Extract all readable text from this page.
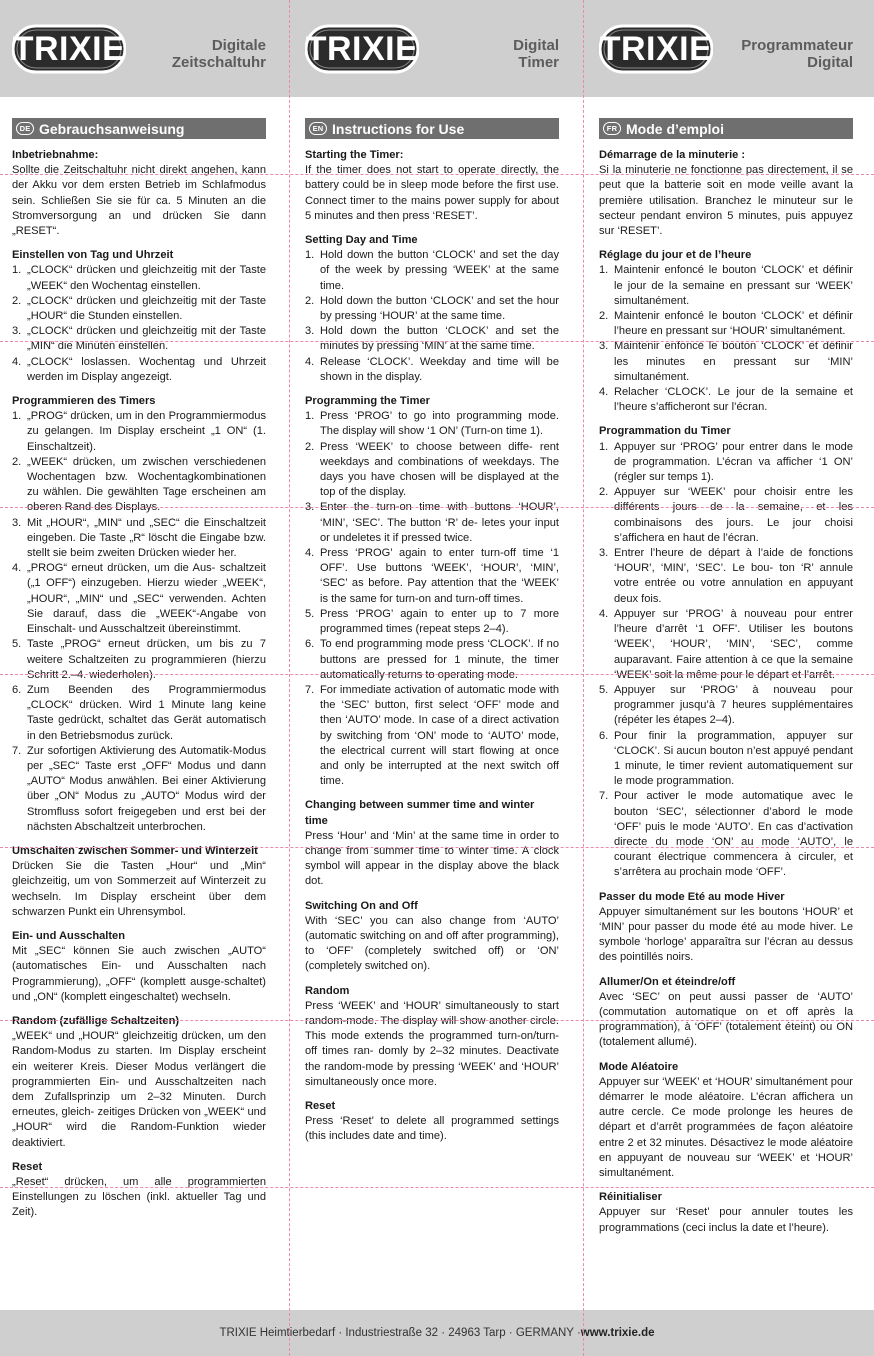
TRIXIE Heimtierbedarf · Industriestraße 32 · 24963 Tarp · GERMANY · www.trixie.de
TRIXIE	Digitale
Zeitschaltuhr
DE Gebrauchsanweisung
Inbetriebnahme:

Sollte die Zeitschaltuhr nicht direkt angehen, kann der Akku vor dem ersten Betrieb im Schlafmodus sein. Schließen Sie sie für ca. 5 Minuten an die Stromversorgung an und drücken Sie dann „RESET“.

Einstellen von Tag und Uhrzeit
1. „CLOCK“ drücken und gleichzeitig mit der Taste „WEEK“ den Wochentag einstellen.
2. „CLOCK“ drücken und gleichzeitig mit der Taste „HOUR“ die Stunden einstellen.
3. „CLOCK“ drücken und gleichzeitig mit der Taste „MIN“ die Minuten einstellen.
4. „CLOCK“ loslassen. Wochentag und Uhrzeit werden im Display angezeigt.
Programmieren des Timers
1. „PROG“ drücken, um in den Programmiermodus zu gelangen. Im Display erscheint „1 ON“ (1. Einschaltzeit).
2. „WEEK“ drücken, um zwischen verschiedenen Wochentagen bzw. Wochentagkombinationen zu wählen. Die gewählten Tage erscheinen am oberen Rand des Displays.
3. Mit „HOUR“, „MIN“ und „SEC“ die Einschaltzeit eingeben. Die Taste „R“ löscht die Eingabe bzw. stellt sie beim zweiten Drücken wieder her.
4. „PROG“ erneut drücken, um die Aus- schaltzeit („1 OFF“) einzugeben. Hierzu wieder „WEEK“, „HOUR“, „MIN“ und „SEC“ verwenden. Achten Sie darauf, dass die „WEEK“-Angabe von Einschalt- und Ausschaltzeit übereinstimmt.
5. Taste „PROG“ erneut drücken, um bis zu 7 weitere Schaltzeiten zu programmieren (hierzu Schritt 2.–4. wiederholen).
6. Zum Beenden des Programmiermodus „CLOCK“ drücken. Wird 1 Minute lang keine Taste gedrückt, schaltet das Gerät automatisch in den Betriebsmodus zurück.
7. Zur sofortigen Aktivierung des Automatik-Modus per „SEC“ Taste erst „OFF“ Modus und dann „AUTO“ Modus anwählen. Bei einer Aktivierung über „ON“ Modus zu „AUTO“ Modus wird der Stromfluss sofort freigegeben und erst bei der nächsten Abschaltzeit unterbrochen.
Umschalten zwischen Sommer- und Winterzeit

Drücken Sie die Tasten „Hour“ und „Min“ gleichzeitig, um von Sommerzeit auf Winterzeit zu wechseln. Im Display erscheint über dem schwarzen Punkt ein Uhrensymbol.

Ein- und Ausschalten

Mit „SEC“ können Sie auch zwischen „AUTO“ (automatisches Ein- und Ausschalten nach Programmierung), „OFF“ (komplett ausge-schaltet) und „ON“ (komplett eingeschaltet) wechseln.

Random (zufällige Schaltzeiten)

„WEEK“ und „HOUR“ gleichzeitig drücken, um den Random-Modus zu starten. Im Display erscheint ein weiterer Kreis. Dieser Modus verlängert die programmierten Ein- und Ausschaltzeiten nach dem Zufallsprinzip um 2–32 Minuten. Durch erneutes, gleich- zeitiges Drücken von „WEEK“ und „HOUR“ wird die Random-Funktion wieder deaktiviert.

Reset

„Reset“ drücken, um alle programmierten Einstellungen zu löschen (inkl. aktueller Tag und Zeit).

TRIXIE	Digital
Timer
EN Instructions for Use
Starting the Timer:

If the timer does not start to operate directly, the battery could be in sleep mode before the first use. Connect timer to the mains power supply for about 5 minutes and then press ‘RESET’.

Setting Day and Time
1. Hold down the button ‘CLOCK’ and set the day of the week by pressing ‘WEEK’ at the same time.
2. Hold down the button ‘CLOCK’ and set the hour by pressing ‘HOUR’ at the same time.
3. Hold down the button ‘CLOCK’ and set the minutes by pressing ‘MIN’ at the same time.
4. Release ‘CLOCK’. Weekday and time will be shown in the display.
Programming the Timer
1. Press ‘PROG’ to go into programming mode. The display will show ‘1 ON’ (Turn-on time 1).
2. Press ‘WEEK’ to choose between diffe- rent weekdays and combinations of weekdays. The days you have chosen will be displayed at the top of the display.
3. Enter the turn-on time with buttons ‘HOUR’, ‘MIN’, ‘SEC’. The button ‘R’ de- letes your input or undeletes it if pressed twice.
4. Press ‘PROG’ again to enter turn-off time ‘1 OFF’. Use buttons ‘WEEK’, ‘HOUR’, ‘MIN’, ‘SEC’ as before. Pay attention that the ‘WEEK’ is the same for turn-on and turn-off times.
5. Press ‘PROG’ again to enter up to 7 more programmed times (repeat steps 2–4).
6. To end programming mode press ‘CLOCK’. If no buttons are pressed for 1 minute, the timer automatically returns to operating mode.
7. For immediate activation of automatic mode with the ‘SEC’ button, first select ‘OFF’ mode and then ‘AUTO’ mode. In case of a direct activation by switching from ‘ON’ mode to ‘AUTO’ mode, the electrical current will start flowing at once and only be interrupted at the next switch off time.
Changing between summer time and winter time

Press ‘Hour’ and ‘Min’ at the same time in order to change from summer time to winter time. A clock symbol will appear in the display above the black dot.

Switching On and Off

With ‘SEC’ you can also change from ‘AUTO’ (automatic switching on and off after programming), to ‘OFF’ (completely switched off) or ‘ON’ (completely switched on).

Random

Press ‘WEEK’ and ‘HOUR’ simultaneously to start random-mode. The display will show another circle. This mode extends the programmed turn-on/turn-off times ran- domly by 2–32 minutes. Deactivate the random-mode by pressing ‘WEEK’ and ‘HOUR’ simultaneously once more.

Reset

Press ‘Reset’ to delete all programmed settings (this includes date and time).

TRIXIE Programmateur
Digital
FR Mode d’emploi
Démarrage de la minuterie :

Si la minuterie ne fonctionne pas directement, il se peut que la batterie soit en mode veille avant la première utilisation. Branchez le minuteur sur le secteur pendant environ 5 minutes, puis appuyez sur ‘RESET’.

Réglage du jour et de l’heure
1. Maintenir enfoncé le bouton ‘CLOCK’ et définir le jour de la semaine en pressant sur ‘WEEK’ simultanément.
2. Maintenir enfoncé le bouton ‘CLOCK’ et définir l’heure en pressant sur ‘HOUR’ simultanément.
3. Maintenir enfoncé le bouton ‘CLOCK’ et définir les minutes en pressant sur ‘MIN’ simultanément.
4. Relacher ‘CLOCK’. Le jour de la semaine et l’heure s’afficheront sur l’écran.
Programmation du Timer
1. Appuyer sur ‘PROG’ pour entrer dans le mode de programmation. L’écran va afficher ‘1 ON’ (régler sur temps 1).
2. Appuyer sur ‘WEEK’ pour choisir entre les différents jours de la semaine, et les combinaisons des jours. Le jour choisi s’affichera en haut de l’écran.
3. Entrer l’heure de départ à l’aide de fonctions ‘HOUR’, ‘MIN’, ‘SEC’. Le bou- ton ‘R’ annule votre entrée ou votre annulation en appuyant deux fois.
4. Appuyer sur ‘PROG’ à nouveau pour entrer l’heure d’arrêt ‘1 OFF’. Utiliser les boutons ‘WEEK’, ‘HOUR’, ‘MIN’, ‘SEC’, comme auparavant. Faire attention à ce que la semaine ‘WEEK’ soit la même pour le départ et l’arrêt.
5. Appuyer sur ‘PROG’ à nouveau pour programmer jusqu’à 7 heures supplémentaires (répéter les étapes 2–4).
6. Pour finir la programmation, appuyer sur ‘CLOCK’. Si aucun bouton n’est appuyé pendant 1 minute, le timer revient automatiquement sur le mode programmation.
7. Pour activer le mode automatique avec le bouton ‘SEC’, sélectionner d’abord le mode ‘OFF’ puis le mode ‘AUTO’. En cas d’activation directe du mode ‘ON’ au mode ‘AUTO’, le courant électrique commencera à circuler, et s’arrêtera au prochain mode ‘OFF’.
Passer du mode Eté au mode Hiver

Appuyer simultanément sur les boutons ‘HOUR’ et ‘MIN’ pour passer du mode été au mode hiver. Le symbole ‘horloge’ apparaîtra sur l’écran au dessus des pointillés noirs.

Allumer/On et éteindre/off

Avec ‘SEC’ on peut aussi passer de ‘AUTO’ (commutation automatique on et off après la programmation), à ‘OFF’ (totalement éteint) ou ON (totalement allumé).

Mode Aléatoire

Appuyer sur ‘WEEK’ et ‘HOUR’ simultanément pour démarrer le mode aléatoire. L’écran affichera un autre cercle. Ce mode prolonge les heures de départ et d’arrêt programmées de façon aléatoire entre 2 et 32 minutes. Désactivez le mode aléatoire en appuyant de nouveau sur ‘WEEK’ et ‘HOUR’ simultanément.

Réinitialiser

Appuyer sur ‘Reset’ pour annuler toutes les programmations (ceci inclus la date et l’heure).
